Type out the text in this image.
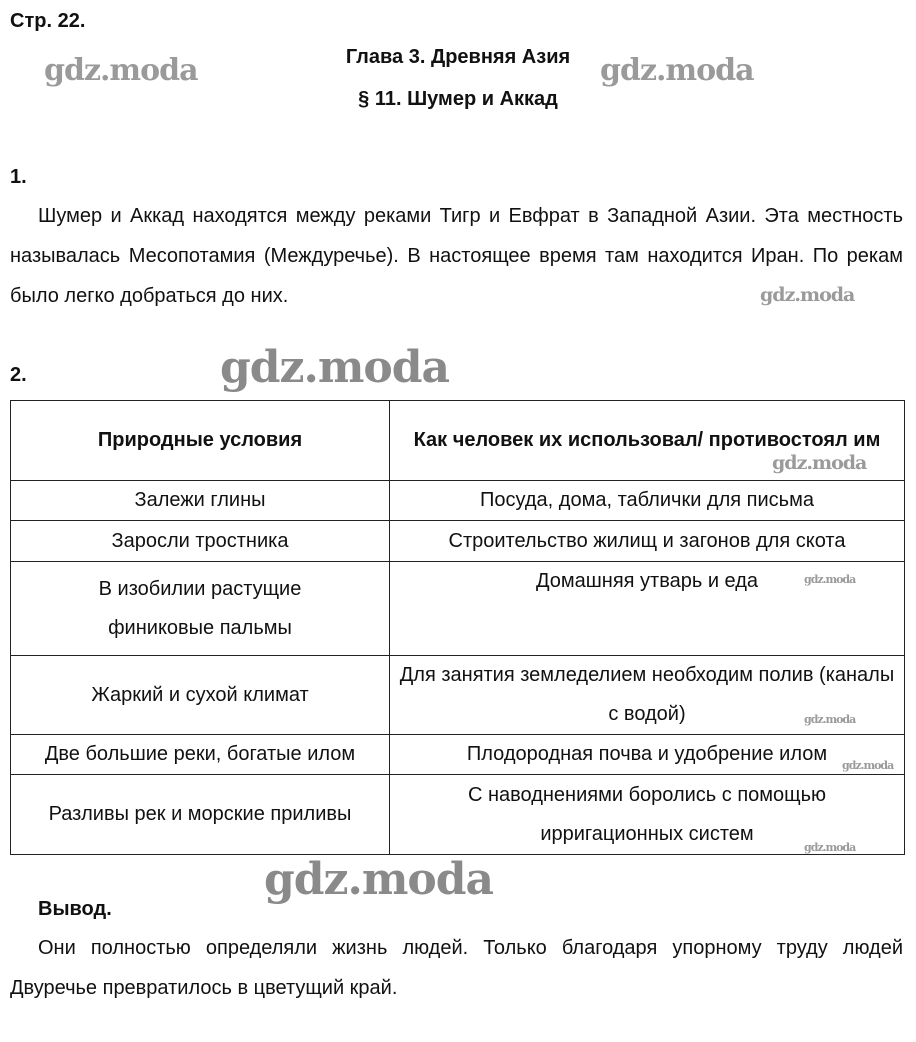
Стр. 22.
Глава 3. Древняя Азия
§ 11. Шумер и Аккад
1.
Шумер и Аккад находятся между реками Тигр и Евфрат в Западной Азии. Эта местность называлась Месопотамия (Междуречье). В настоящее время там находится Иран. По рекам было легко добраться до них.
2.
Природные условия	Как человек их использовал/ противостоял им
Залежи глины	Посуда, дома, таблички для письма
Заросли тростника	Строительство жилищ и загонов для скота
В изобилии растущие финиковые пальмы	Домашняя утварь и еда
Жаркий и сухой климат	Для занятия земледелием необходим полив (каналы с водой)
Две большие реки, богатые илом	Плодородная почва и удобрение илом
Разливы рек и морские приливы	С наводнениями боролись с помощью ирригационных систем
Вывод.
Они полностью определяли жизнь людей. Только благодаря упорному труду людей Двуречье превратилось в цветущий край.
gdz.moda	gdz.moda
gdz.moda
gdz.moda
gdz.moda
gdz.moda
gdz.moda
gdz.moda
gdz.moda
gdz.moda
